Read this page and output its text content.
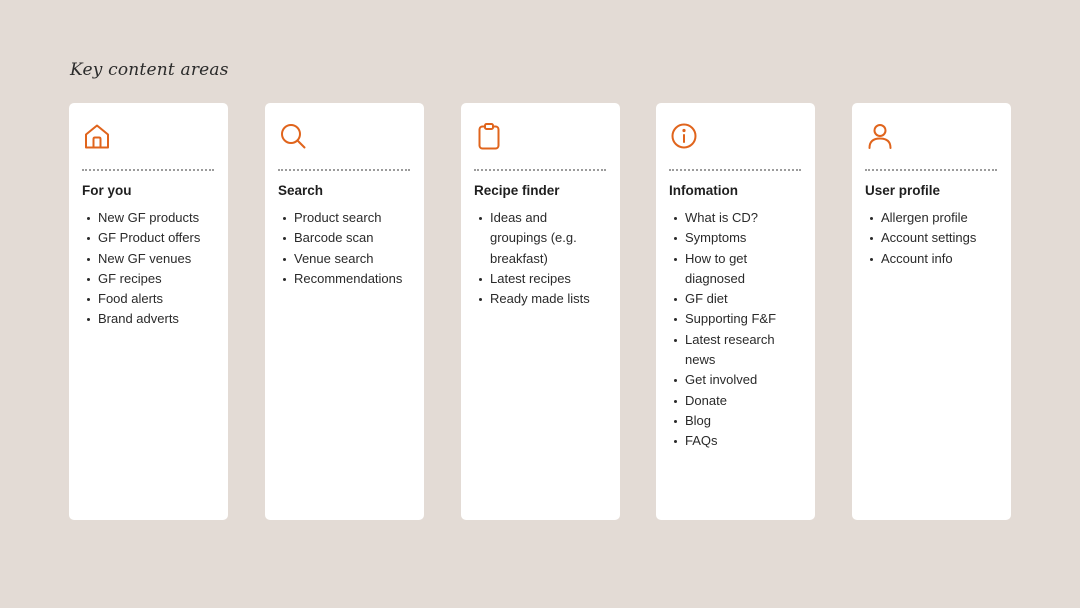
Key content areas
For you
New GF products
GF Product offers
New GF venues
GF recipes
Food alerts
Brand adverts
Search
Product search
Barcode scan
Venue search
Recommendations
Recipe finder
Ideas and groupings (e.g. breakfast)
Latest recipes
Ready made lists
Infomation
What is CD?
Symptoms
How to get diagnosed
GF diet
Supporting F&F
Latest research news
Get involved
Donate
Blog
FAQs
User profile
Allergen profile
Account settings
Account info
